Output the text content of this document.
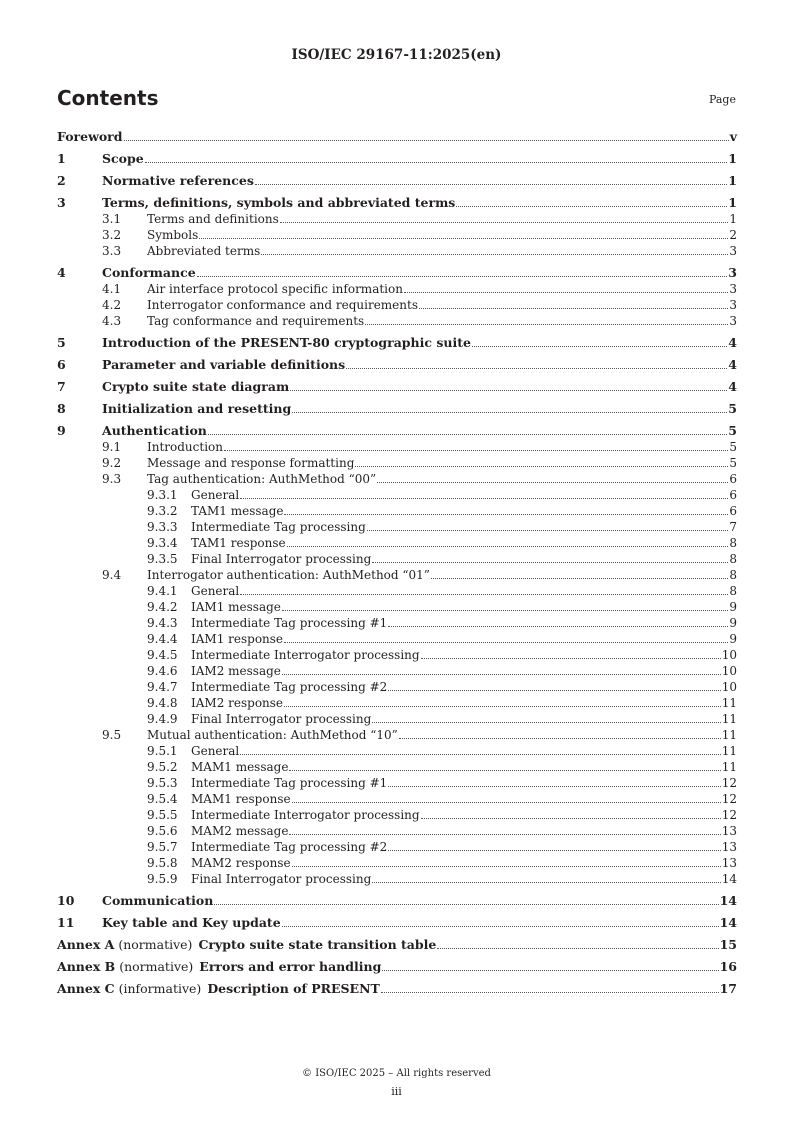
ISO/IEC 29167-11:2025(en)
Contents	Page
Foreword	v
1	Scope	1
2	Normative references	1
3	Terms, definitions, symbols and abbreviated terms	1
3.1	Terms and definitions	1
3.2	Symbols	2
3.3	Abbreviated terms	3
4	Conformance	3
4.1	Air interface protocol specific information	3
4.2	Interrogator conformance and requirements	3
4.3	Tag conformance and requirements	3
5	Introduction of the PRESENT-80 cryptographic suite	4
6	Parameter and variable definitions	4
7	Crypto suite state diagram	4
8	Initialization and resetting	5
9	Authentication	5
9.1	Introduction	5
9.2	Message and response formatting	5
9.3	Tag authentication: AuthMethod “00”	6
9.3.1	General	6
9.3.2	TAM1 message	6
9.3.3	Intermediate Tag processing	7
9.3.4	TAM1 response	8
9.3.5	Final Interrogator processing	8
9.4	Interrogator authentication: AuthMethod “01”	8
9.4.1	General	8
9.4.2	IAM1 message	9
9.4.3	Intermediate Tag processing #1	9
9.4.4	IAM1 response	9
9.4.5	Intermediate Interrogator processing	10
9.4.6	IAM2 message	10
9.4.7	Intermediate Tag processing #2	10
9.4.8	IAM2 response	11
9.4.9	Final Interrogator processing	11
9.5	Mutual authentication: AuthMethod “10”	11
9.5.1	General	11
9.5.2	MAM1 message	11
9.5.3	Intermediate Tag processing #1	12
9.5.4	MAM1 response	12
9.5.5	Intermediate Interrogator processing	12
9.5.6	MAM2 message	13
9.5.7	Intermediate Tag processing #2	13
9.5.8	MAM2 response	13
9.5.9	Final Interrogator processing	14
10	Communication	14
11	Key table and Key update	14
Annex A (normative) Crypto suite state transition table	15
Annex B (normative) Errors and error handling	16
Annex C (informative) Description of PRESENT	17
© ISO/IEC 2025 – All rights reserved
iii
